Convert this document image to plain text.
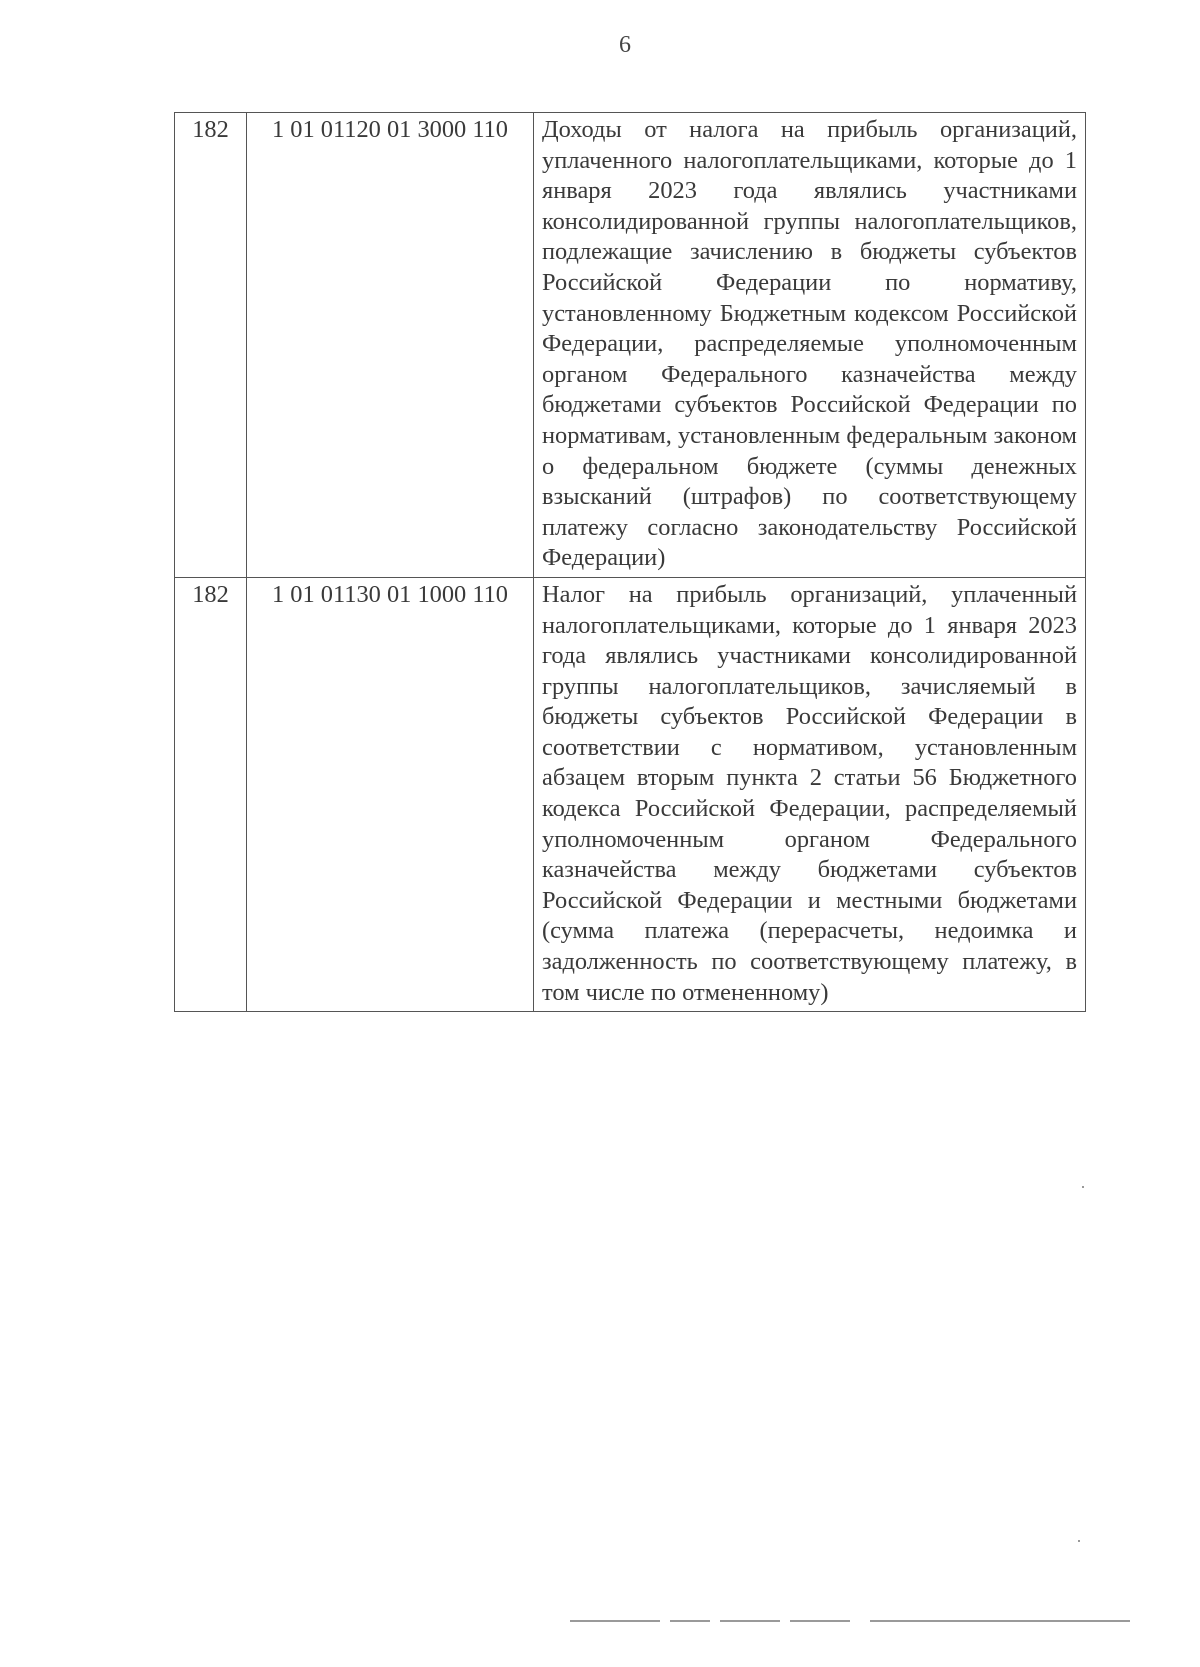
6
182	1 01 01120 01 3000 110	Доходы от налога на прибыль организаций, уплаченного налогоплательщиками, которые до 1 января 2023 года являлись участниками консолидированной группы налогоплательщиков, подлежащие зачислению в бюджеты субъектов Российской Федерации по нормативу, установленному Бюджетным кодексом Российской Федерации, распределяемые уполномоченным органом Федерального казначейства между бюджетами субъектов Российской Федерации по нормативам, установленным федеральным законом о федеральном бюджете (суммы денежных взысканий (штрафов) по соответствующему платежу согласно законодательству Российской Федерации)
182	1 01 01130 01 1000 110	Налог на прибыль организаций, уплаченный налогоплательщиками, которые до 1 января 2023 года являлись участниками консолидированной группы налогоплательщиков, зачисляемый в бюджеты субъектов Российской Федерации в соответствии с нормативом, установленным абзацем вторым пункта 2 статьи 56 Бюджетного кодекса Российской Федерации, распределяемый уполномоченным органом Федерального казначейства между бюджетами субъектов Российской Федерации и местными бюджетами (сумма платежа (перерасчеты, недоимка и задолженность по соответствующему платежу, в том числе по отмененному)
